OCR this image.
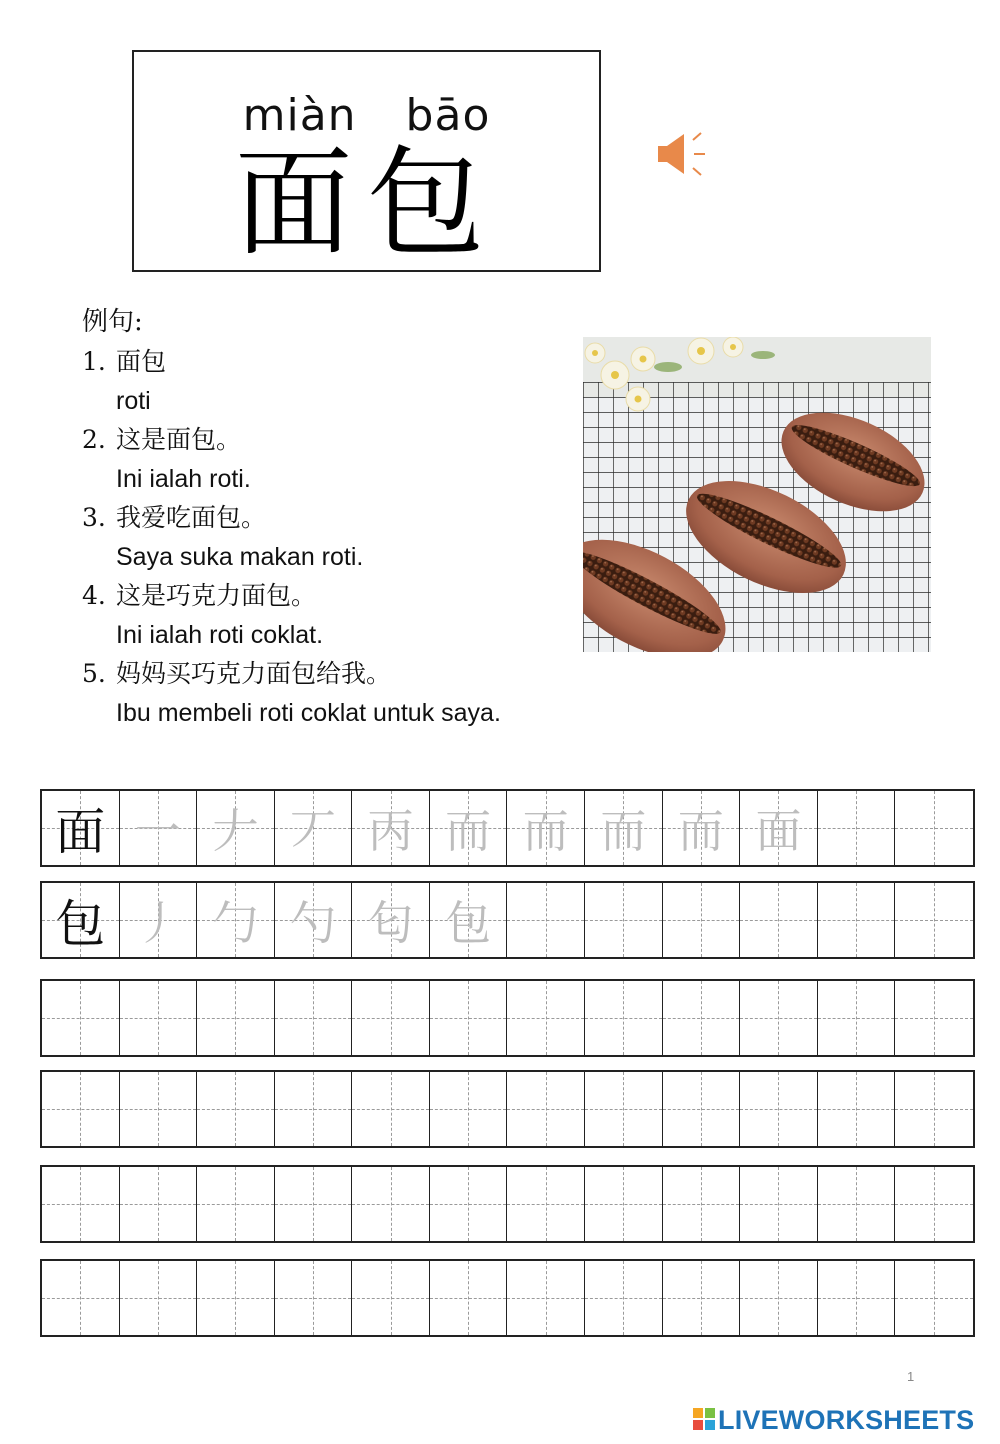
miàn bāo
面包
例句:
1. 面包
roti
2. 这是面包。
Ini ialah roti.
3. 我爱吃面包。
Saya suka makan roti.
4. 这是巧克力面包。
Ini ialah roti coklat.
5. 妈妈买巧克力面包给我。
Ibu membeli roti coklat untuk saya.
面 一 𠂇 丆 丙 而 而 而 而 面
包 丿 勹 勺 匂 包
1
LIVEWORKSHEETS
